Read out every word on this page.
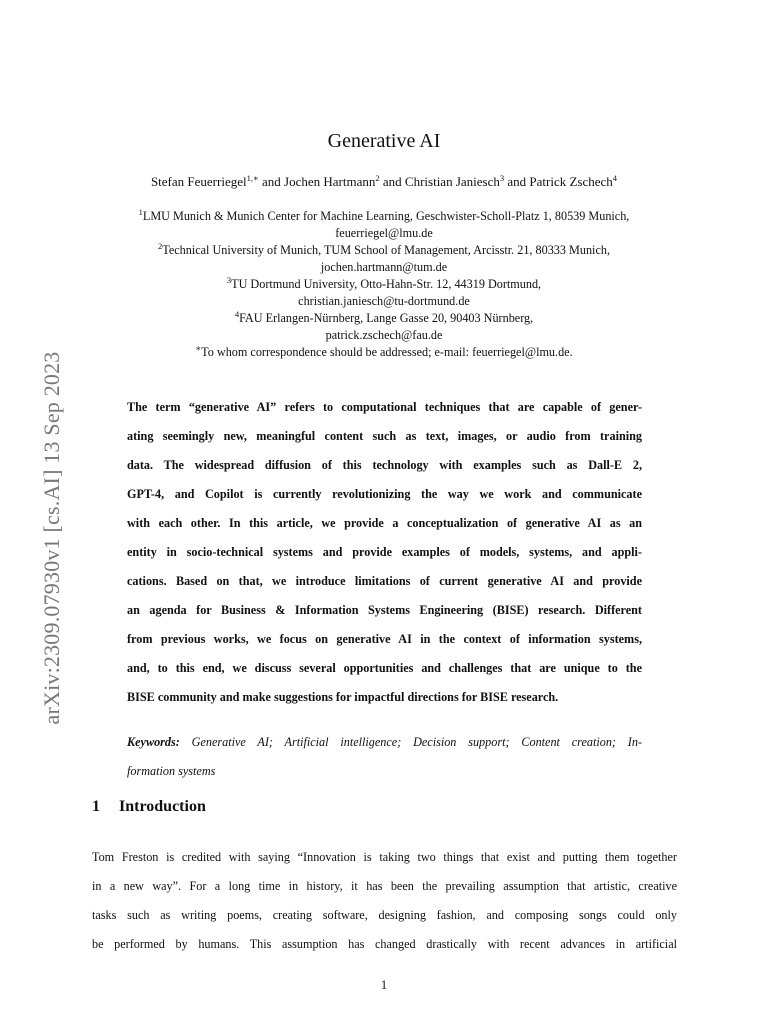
arXiv:2309.07930v1 [cs.AI] 13 Sep 2023
Generative AI
Stefan Feuerriegel$^{1,∗}$ and Jochen Hartmann$^2$ and Christian Janiesch$^3$ and Patrick Zschech$^4$
$^1$LMU Munich & Munich Center for Machine Learning, Geschwister-Scholl-Platz 1, 80539 Munich,
feuerriegel@lmu.de
$^2$Technical University of Munich, TUM School of Management, Arcisstr. 21, 80333 Munich,
jochen.hartmann@tum.de
$^3$TU Dortmund University, Otto-Hahn-Str. 12, 44319 Dortmund,
christian.janiesch@tu-dortmund.de
$^4$FAU Erlangen-Nürnberg, Lange Gasse 20, 90403 Nürnberg,
patrick.zschech@fau.de
∗To whom correspondence should be addressed; e-mail: feuerriegel@lmu.de.
The term “generative AI” refers to computational techniques that are capable of gener-
ating seemingly new, meaningful content such as text, images, or audio from training
data. The widespread diffusion of this technology with examples such as Dall-E 2,
GPT-4, and Copilot is currently revolutionizing the way we work and communicate
with each other. In this article, we provide a conceptualization of generative AI as an
entity in socio-technical systems and provide examples of models, systems, and appli-
cations. Based on that, we introduce limitations of current generative AI and provide
an agenda for Business & Information Systems Engineering (BISE) research. Different
from previous works, we focus on generative AI in the context of information systems,
and, to this end, we discuss several opportunities and challenges that are unique to the
BISE community and make suggestions for impactful directions for BISE research.
Keywords: Generative AI; Artificial intelligence; Decision support; Content creation; In-
formation systems
1 Introduction
Tom Freston is credited with saying “Innovation is taking two things that exist and putting them together
in a new way”. For a long time in history, it has been the prevailing assumption that artistic, creative
tasks such as writing poems, creating software, designing fashion, and composing songs could only
be performed by humans. This assumption has changed drastically with recent advances in artificial
1
